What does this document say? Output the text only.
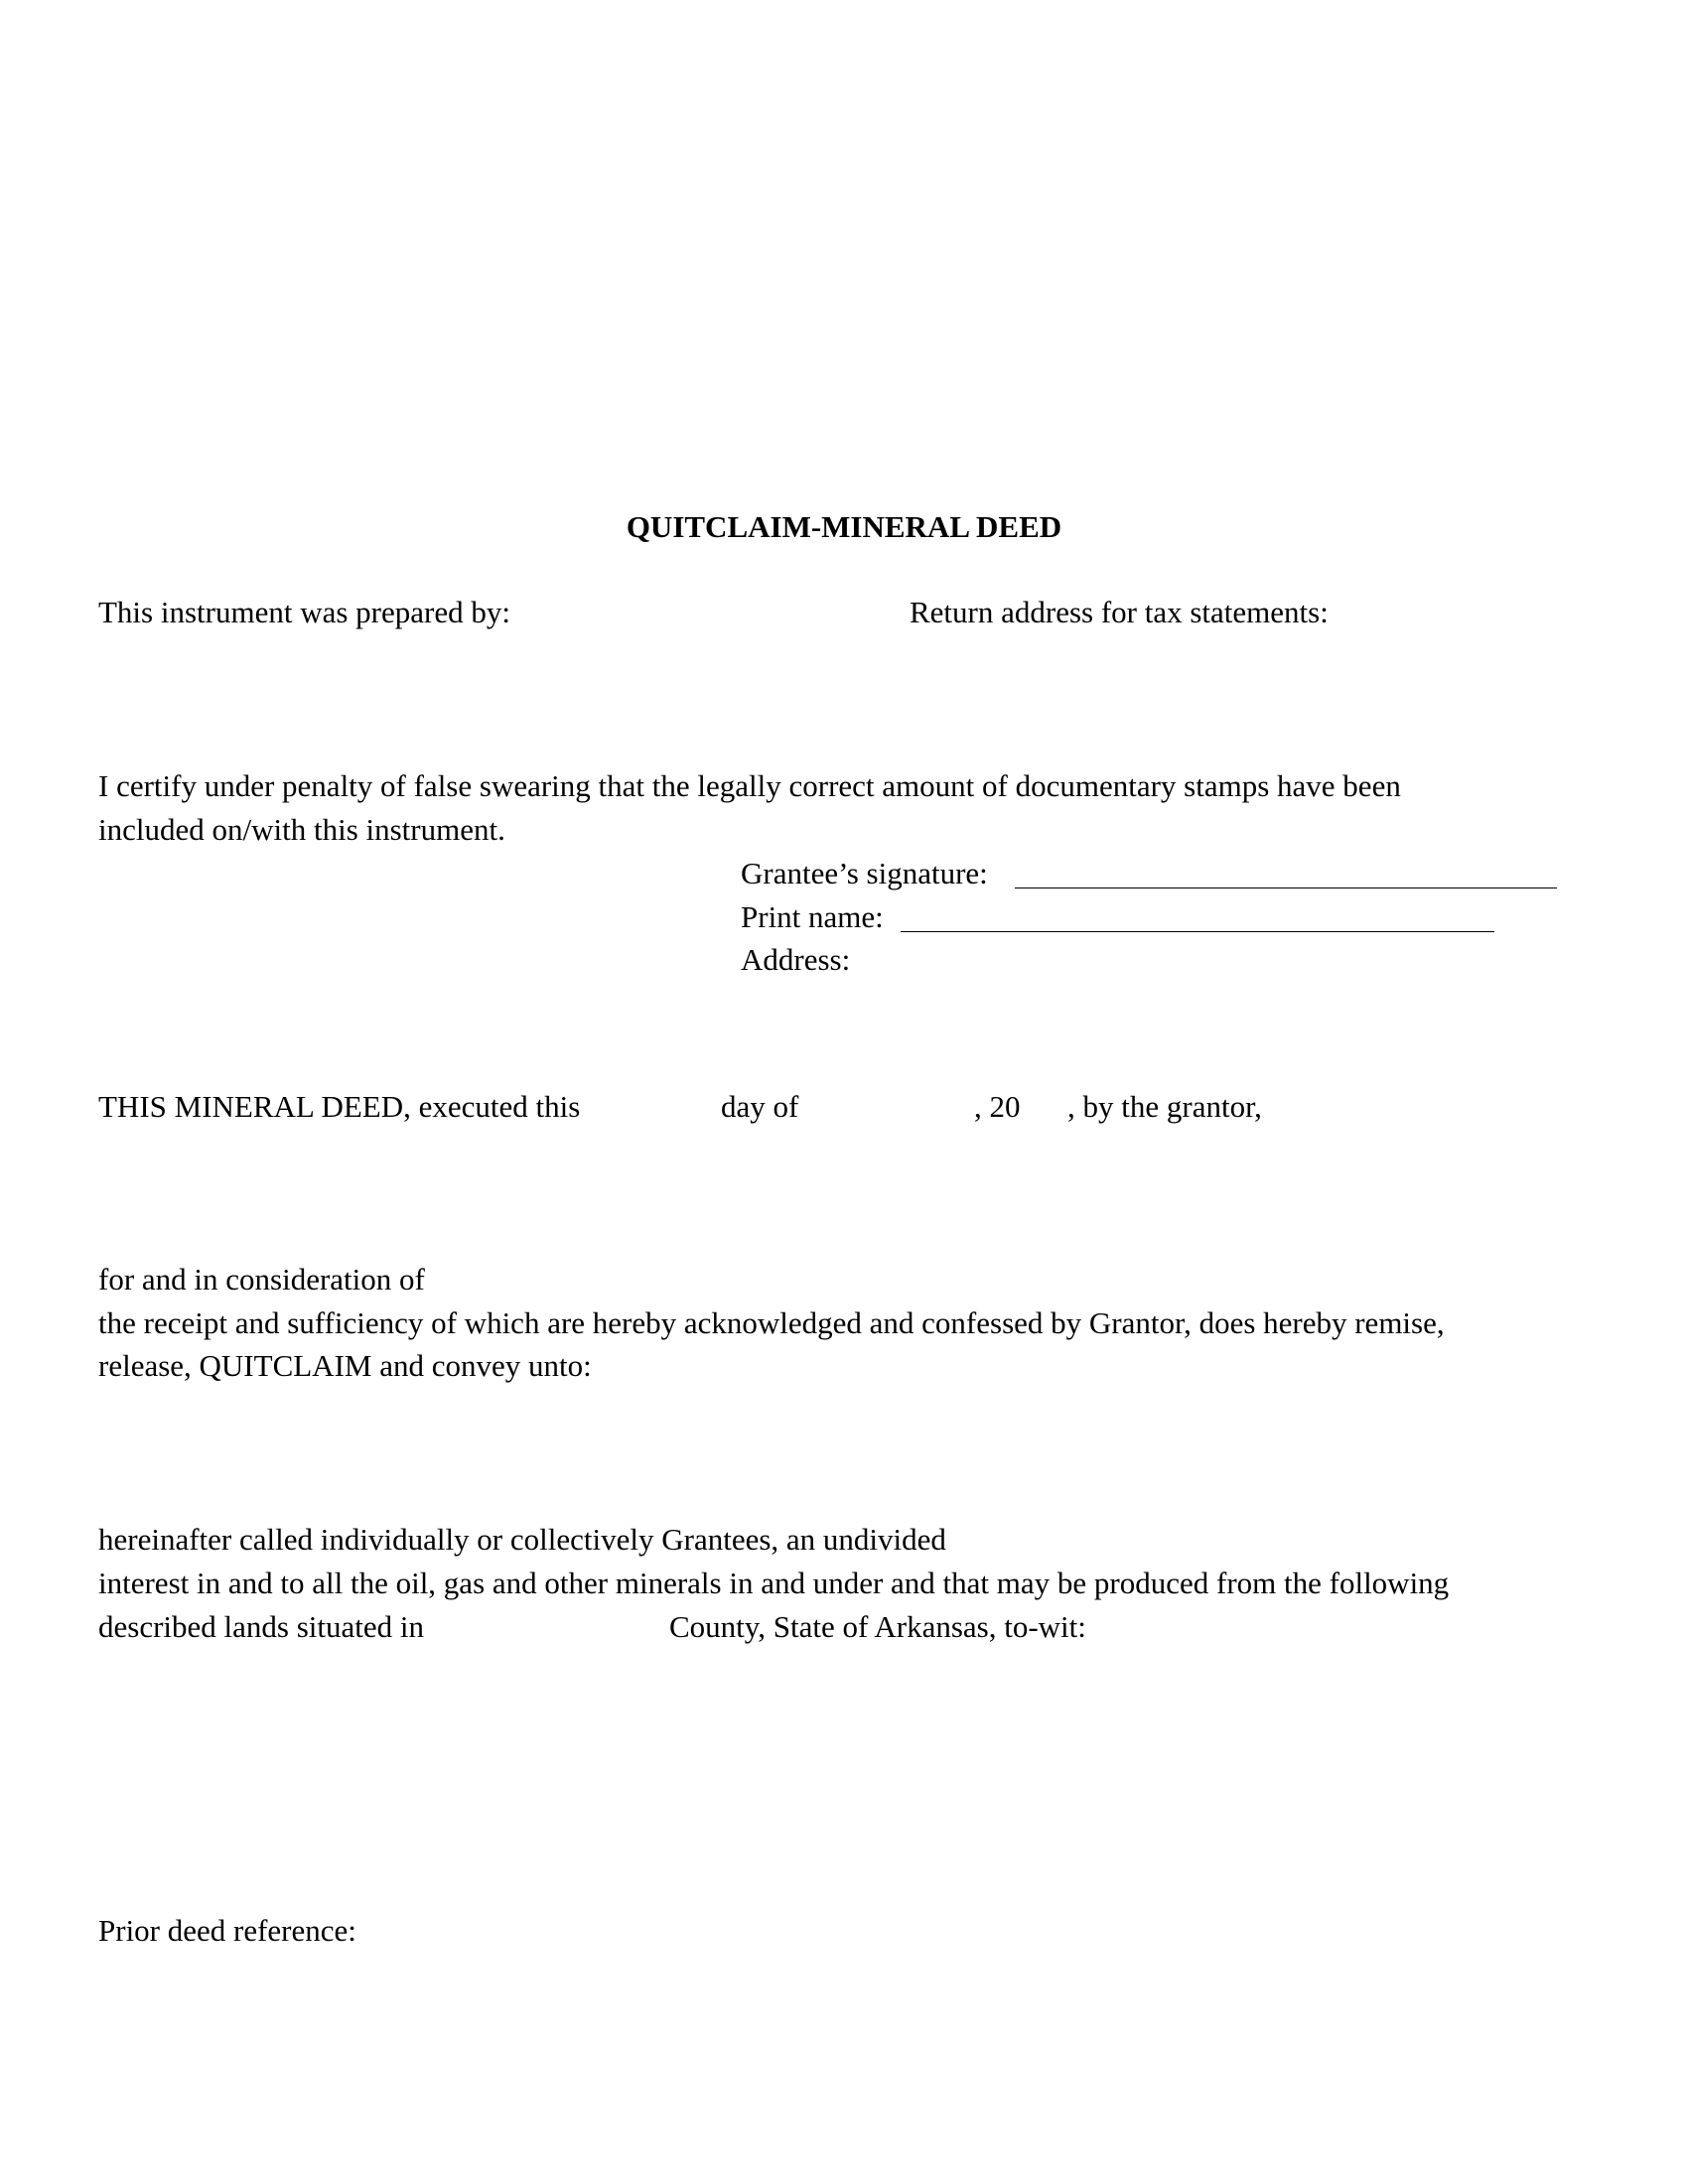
QUITCLAIM-MINERAL DEED

This instrument was prepared by:	Return address for tax statements:

I certify under penalty of false swearing that the legally correct amount of documentary stamps have been

included on/with this instrument.

Grantee’s signature:

Print name:

Address:

THIS MINERAL DEED, executed this	day of	, 20 , by the grantor,

for and in consideration of

the receipt and sufficiency of which are hereby acknowledged and confessed by Grantor, does hereby remise,

release, QUITCLAIM and convey unto:

hereinafter called individually or collectively Grantees, an undivided

interest in and to all the oil, gas and other minerals in and under and that may be produced from the following

described lands situated in	County, State of Arkansas, to-wit:

Prior deed reference:
